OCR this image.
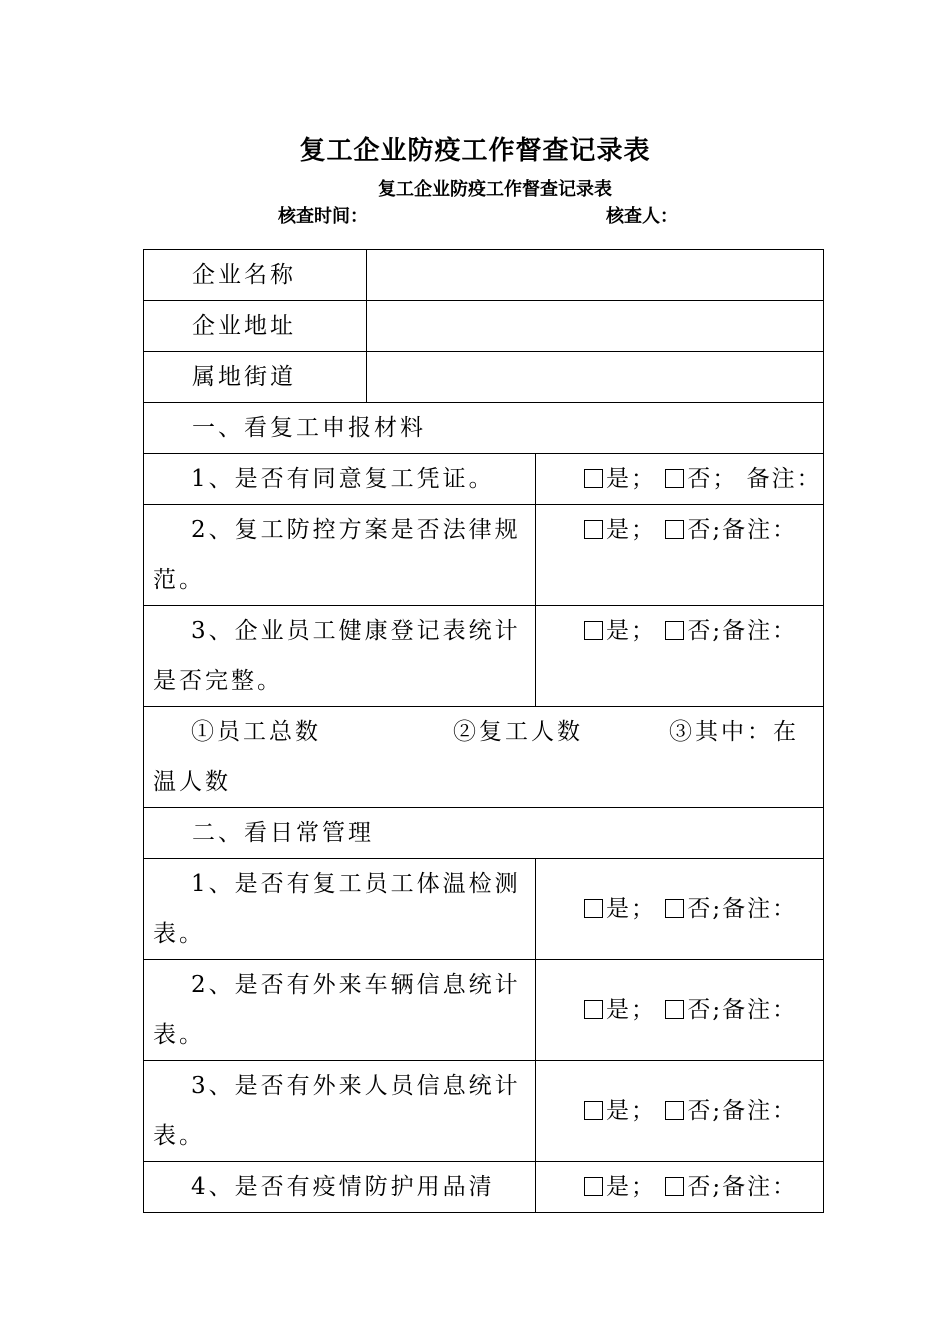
复工企业防疫工作督查记录表
复工企业防疫工作督查记录表
核查时间：	核查人：
企业名称		
企业地址		
属地街道		
一、看复工申报材料		
1、是否有同意复工凭证。		是； 否； 备注：
2、复工防控方案是否法律规范。		是； 否;备注：
3、企业员工健康登记表统计是否完整。		是； 否;备注：

①员工总数 ②复工人数 ③其中：在
温人数		

二、看日常管理		
1、是否有复工员工体温检测表。		是； 否;备注：
2、是否有外来车辆信息统计表。		是； 否;备注：
3、是否有外来人员信息统计表。		是； 否;备注：
4、是否有疫情防护用品清		是； 否;备注：
